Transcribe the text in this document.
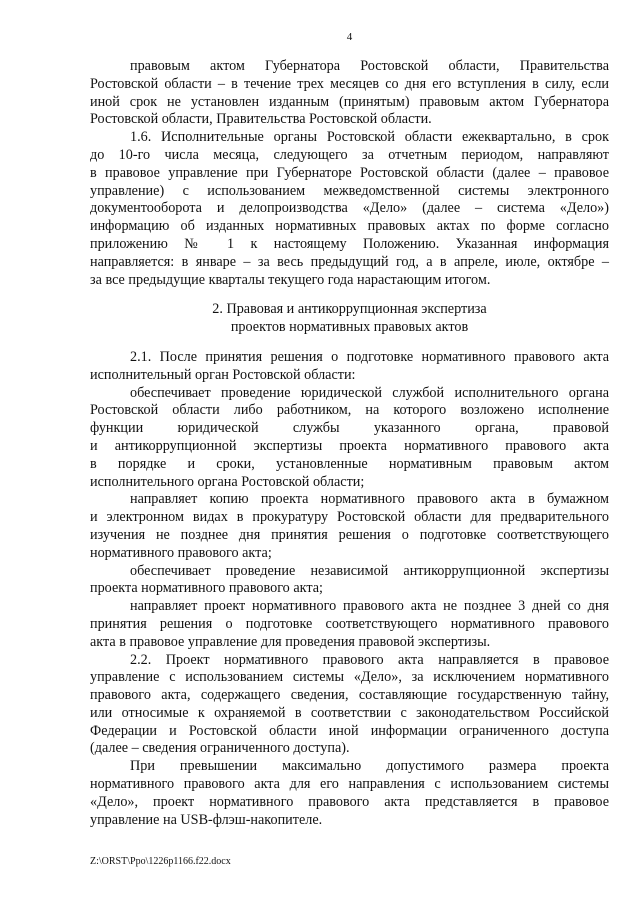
4
правовым актом Губернатора Ростовской области, Правительства
Ростовской области – в течение трех месяцев со дня его вступления в силу, если
иной срок не установлен изданным (принятым) правовым актом Губернатора
Ростовской области, Правительства Ростовской области.
1.6. Исполнительные органы Ростовской области ежеквартально, в срок
до 10-го числа месяца, следующего за отчетным периодом, направляют
в правовое управление при Губернаторе Ростовской области (далее – правовое
управление) с использованием межведомственной системы электронного
документооборота и делопроизводства «Дело» (далее – система «Дело»)
информацию об изданных нормативных правовых актах по форме согласно
приложению № 1 к настоящему Положению. Указанная информация
направляется: в январе – за весь предыдущий год, а в апреле, июле, октябре –
за все предыдущие кварталы текущего года нарастающим итогом.
2. Правовая и антикоррупционная экспертиза
проектов нормативных правовых актов
2.1. После принятия решения о подготовке нормативного правового акта
исполнительный орган Ростовской области:
обеспечивает проведение юридической службой исполнительного органа
Ростовской области либо работником, на которого возложено исполнение
функции юридической службы указанного органа, правовой
и антикоррупционной экспертизы проекта нормативного правового акта
в порядке и сроки, установленные нормативным правовым актом
исполнительного органа Ростовской области;
направляет копию проекта нормативного правового акта в бумажном
и электронном видах в прокуратуру Ростовской области для предварительного
изучения не позднее дня принятия решения о подготовке соответствующего
нормативного правового акта;
обеспечивает проведение независимой антикоррупционной экспертизы
проекта нормативного правового акта;
направляет проект нормативного правового акта не позднее 3 дней со дня
принятия решения о подготовке соответствующего нормативного правового
акта в правовое управление для проведения правовой экспертизы.
2.2. Проект нормативного правового акта направляется в правовое
управление с использованием системы «Дело», за исключением нормативного
правового акта, содержащего сведения, составляющие государственную тайну,
или относимые к охраняемой в соответствии с законодательством Российской
Федерации и Ростовской области иной информации ограниченного доступа
(далее – сведения ограниченного доступа).
При превышении максимально допустимого размера проекта
нормативного правового акта для его направления с использованием системы
«Дело», проект нормативного правового акта представляется в правовое
управление на USB-флэш-накопителе.
Z:\ORST\Ppo\1226p1166.f22.docx
